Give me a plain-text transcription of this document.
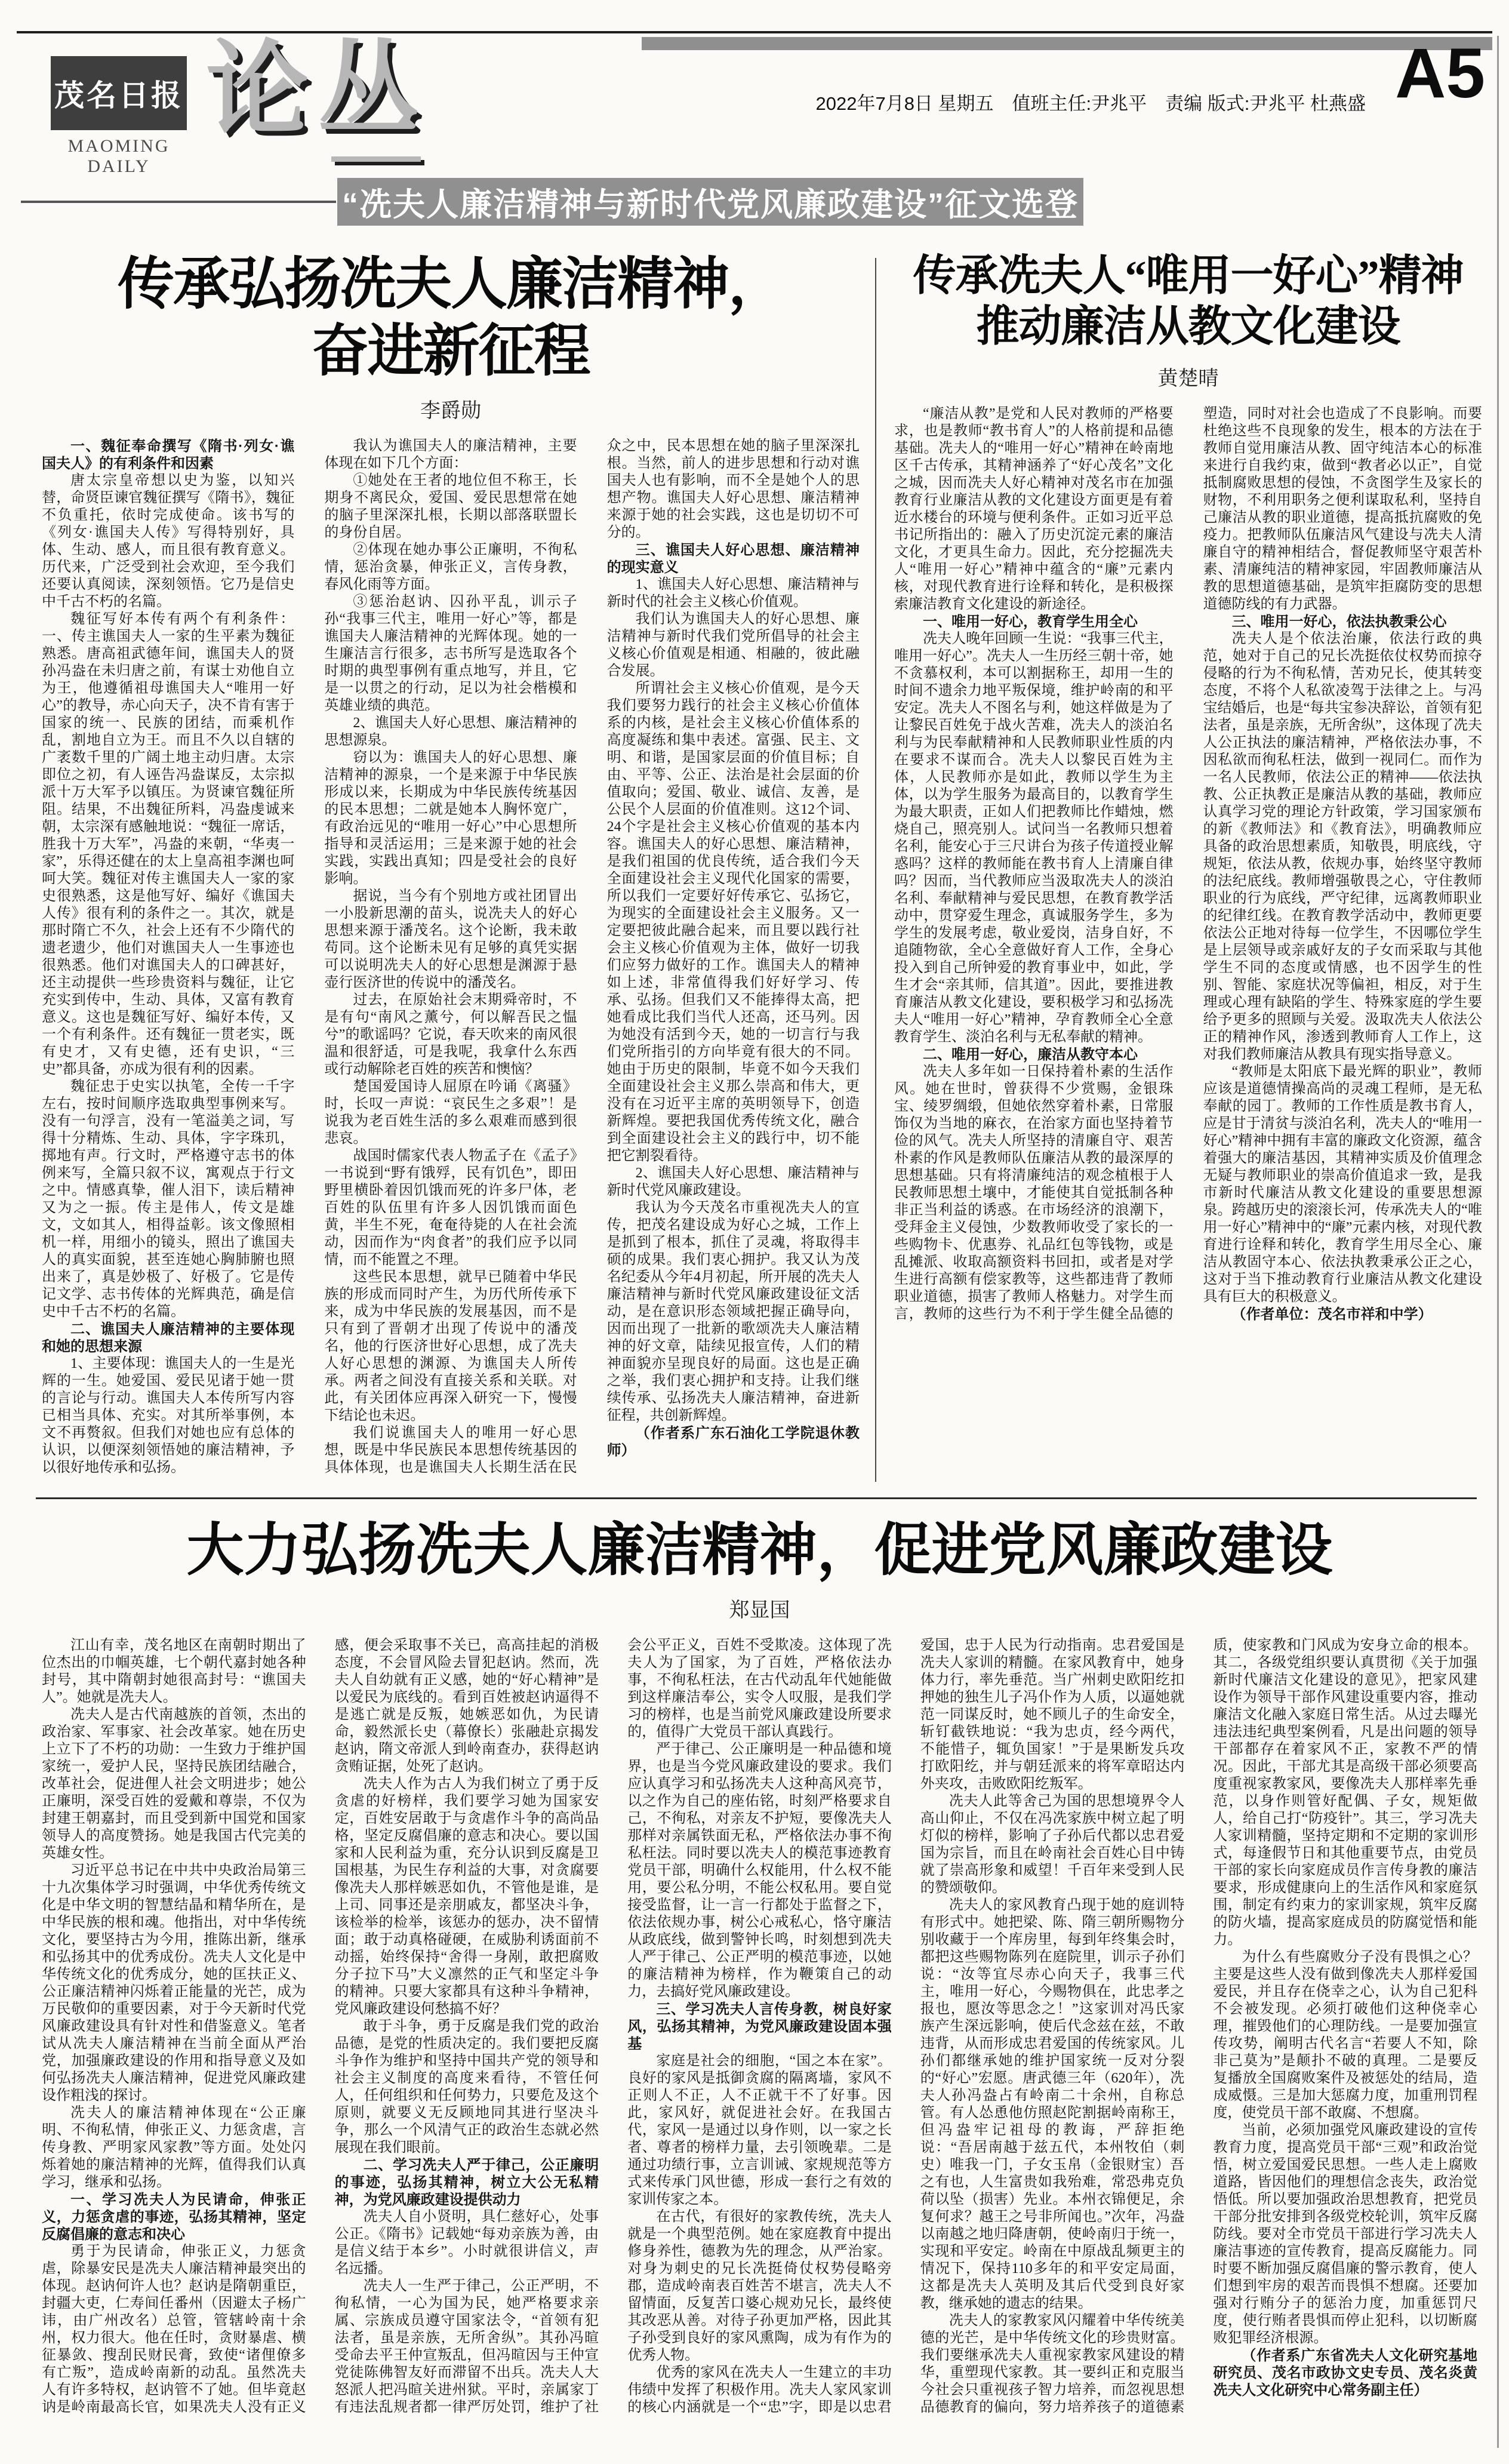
茂名日报
MAOMING DAILY
论丛	2022年7月8日 星期五　值班主任:尹兆平　责编 版式:尹兆平 杜燕盛 A5
“冼夫人廉洁精神与新时代党风廉政建设”征文选登
传承弘扬冼夫人廉洁精神，
奋进新征程
李爵勋

一、魏征奉命撰写《隋书·列女·谯国夫人》的有利条件和因素

唐太宗皇帝想以史为鉴，以知兴替，命贤臣谏官魏征撰写《隋书》，魏征不负重托，依时完成使命。该书写的《列女·谯国夫人传》写得特别好，具体、生动、感人，而且很有教育意义。历代来，广泛受到社会欢迎，至今我们还要认真阅读，深刻领悟。它乃是信史中千古不朽的名篇。

魏征写好本传有两个有利条件：一、传主谯国夫人一家的生平素为魏征熟悉。唐高祖武德年间，谯国夫人的贤孙冯盎在未归唐之前，有谋士劝他自立为王，他遵循祖母谯国夫人“唯用一好心”的教导，赤心向天子，决不肯有害于国家的统一、民族的团结，而乘机作乱，割地自立为王。而且不久以自辖的广袤数千里的广阔土地主动归唐。太宗即位之初，有人诬告冯盎谋反，太宗拟派十万大军予以镇压。为贤谏官魏征所阻。结果，不出魏征所料，冯盎虔诚来朝，太宗深有感触地说：“魏征一席话，胜我十万大军”，冯盎的来朝，“华夷一家”，乐得还健在的太上皇高祖李渊也呵呵大笑。魏征对传主谯国夫人一家的家史很熟悉，这是他写好、编好《谯国夫人传》很有利的条件之一。其次，就是那时隋亡不久，社会上还有不少隋代的遗老遗少，他们对谯国夫人一生事迹也很熟悉。他们对谯国夫人的口碑甚好，还主动提供一些珍贵资料与魏征，让它充实到传中，生动、具体，又富有教育意义。这也是魏征写好、编好本传，又一个有利条件。还有魏征一贯老实，既有史才，又有史德，还有史识，“三史”都具备，亦成为很有利的因素。

魏征忠于史实以执笔，全传一千字左右，按时间顺序选取典型事例来写。没有一句浮言，没有一笔溢美之词，写得十分精炼、生动、具体，字字珠玑，掷地有声。行文时，严格遵守志书的体例来写，全篇只叙不议，寓观点于行文之中。情感真挚，催人泪下，读后精神又为之一振。传主是伟人，传文是雄文，文如其人，相得益彰。该文像照相机一样，用细小的镜头，照出了谯国夫人的真实面貌，甚至连她心胸肺腑也照出来了，真是妙极了、好极了。它是传记文学、志书传体的光辉典范，确是信史中千古不朽的名篇。

二、谯国夫人廉洁精神的主要体现和她的思想来源

1、主要体现：谯国夫人的一生是光辉的一生。她爱国、爱民见诸于她一贯的言论与行动。谯国夫人本传所写内容已相当具体、充实。对其所举事例，本文不再赘叙。但我们对她也应有总体的认识，以便深刻领悟她的廉洁精神，予以很好地传承和弘扬。

我认为谯国夫人的廉洁精神，主要体现在如下几个方面：

①她处在王者的地位但不称王，长期身不离民众，爱国、爱民思想常在她的脑子里深深扎根，长期以部落联盟长的身份自居。

②体现在她办事公正廉明，不徇私情，惩治贪暴，伸张正义，言传身教，春风化雨等方面。

③惩治赵讷、囚孙平乱，训示子孙“我事三代主，唯用一好心”等，都是谯国夫人廉洁精神的光辉体现。她的一生廉洁言行很多，志书所写是选取各个时期的典型事例有重点地写，并且，它是一以贯之的行动，足以为社会楷模和英雄业绩的典范。

2、谯国夫人好心思想、廉洁精神的思想源泉。

窃以为：谯国夫人的好心思想、廉洁精神的源泉，一个是来源于中华民族形成以来，长期成为中华民族传统基因的民本思想；二就是她本人胸怀宽广，有政治远见的“唯用一好心”中心思想所指导和灵活运用；三是来源于她的社会实践，实践出真知；四是受社会的良好影响。

据说，当今有个别地方或社团冒出一小股新思潮的苗头，说冼夫人的好心思想来源于潘茂名。这个论断，我未敢苟同。这个论断未见有足够的真凭实据可以说明冼夫人的好心思想是渊源于悬壶行医济世的传说中的潘茂名。

过去，在原始社会末期舜帝时，不是有句“南风之薰兮，何以解吾民之愠兮”的歌谣吗？它说，春天吹来的南风很温和很舒适，可是我呢，我拿什么东西或行动解除老百姓的疾苦和懊恼？

楚国爱国诗人屈原在吟诵《离骚》时，长叹一声说：“哀民生之多艰”！是说我为老百姓生活的多么艰难而感到很悲哀。

战国时儒家代表人物孟子在《孟子》一书说到“野有饿殍，民有饥色”，即田野里横卧着因饥饿而死的许多尸体，老百姓的队伍里有许多人因饥饿而面色黄，半生不死，奄奄待毙的人在社会流动，因而作为“肉食者”的我们应予以同情，而不能置之不理。

这些民本思想，就早已随着中华民族的形成而同时产生，为历代所传承下来，成为中华民族的发展基因，而不是只有到了晋朝才出现了传说中的潘茂名，他的行医济世好心思想，成了冼夫人好心思想的渊源、为谯国夫人所传承。两者之间没有直接关系和关联。对此，有关团体应再深入研究一下，慢慢下结论也未迟。

我们说谯国夫人的唯用一好心思想，既是中华民族民本思想传统基因的具体体现，也是谯国夫人长期生活在民众之中，民本思想在她的脑子里深深扎根。当然，前人的进步思想和行动对谯国夫人也有影响，而不全是她个人的思想产物。谯国夫人好心思想、廉洁精神来源于她的社会实践，这也是切切不可分的。

三、谯国夫人好心思想、廉洁精神的现实意义

1、谯国夫人好心思想、廉洁精神与新时代的社会主义核心价值观。

我们认为谯国夫人的好心思想、廉洁精神与新时代我们党所倡导的社会主义核心价值观是相通、相融的，彼此融合发展。

所谓社会主义核心价值观，是今天我们要努力践行的社会主义核心价值体系的内核，是社会主义核心价值体系的高度凝练和集中表述。富强、民主、文明、和谐，是国家层面的价值目标；自由、平等、公正、法治是社会层面的价值取向；爱国、敬业、诚信、友善，是公民个人层面的价值准则。这12个词、24个字是社会主义核心价值观的基本内容。谯国夫人的好心思想、廉洁精神，是我们祖国的优良传统，适合我们今天全面建设社会主义现代化国家的需要，所以我们一定要好好传承它、弘扬它，为现实的全面建设社会主义服务。又一定要把彼此融合起来，而且要以践行社会主义核心价值观为主体，做好一切我们应努力做好的工作。谯国夫人的精神如上述，非常值得我们好好学习、传承、弘扬。但我们又不能捧得太高，把她看成比我们当代人还高，还马列。因为她没有活到今天，她的一切言行与我们党所指引的方向毕竟有很大的不同。她由于历史的限制，毕竟不如今天我们全面建设社会主义那么崇高和伟大，更没有在习近平主席的英明领导下，创造新辉煌。要把我国优秀传统文化，融合到全面建设社会主义的践行中，切不能把它割裂看待。

2、谯国夫人好心思想、廉洁精神与新时代党风廉政建设。

我认为今天茂名市重视冼夫人的宣传，把茂名建设成为好心之城，工作上是抓到了根本，抓住了灵魂，将取得丰硕的成果。我们衷心拥护。我又认为茂名纪委从今年4月初起，所开展的冼夫人廉洁精神与新时代党风廉政建设征文活动，是在意识形态领域把握正确导向，因而出现了一批新的歌颂冼夫人廉洁精神的好文章，陆续见报宣传，人们的精神面貌亦呈现良好的局面。这也是正确之举，我们衷心拥护和支持。让我们继续传承、弘扬冼夫人廉洁精神，奋进新征程，共创新辉煌。

（作者系广东石油化工学院退休教师）

传承冼夫人“唯用一好心”精神
推动廉洁从教文化建设
黄楚晴

“廉洁从教”是党和人民对教师的严格要求，也是教师“教书育人”的人格前提和品德基础。冼夫人的“唯用一好心”精神在岭南地区千古传承，其精神涵养了“好心茂名”文化之城，因而冼夫人好心精神对茂名市在加强教育行业廉洁从教的文化建设方面更是有着近水楼台的环境与便利条件。正如习近平总书记所指出的：融入了历史沉淀元素的廉洁文化，才更具生命力。因此，充分挖掘冼夫人“唯用一好心”精神中蕴含的“廉”元素内核，对现代教育进行诠释和转化，是积极探索廉洁教育文化建设的新途径。

一、唯用一好心，教育学生用全心

冼夫人晚年回顾一生说：“我事三代主，唯用一好心”。冼夫人一生历经三朝十帝，她不贪慕权利，本可以割据称王，却用一生的时间不遗余力地平叛保境，维护岭南的和平安定。冼夫人不图名与利，她这样做是为了让黎民百姓免于战火苦难，冼夫人的淡泊名利与为民奉献精神和人民教师职业性质的内在要求不谋而合。冼夫人以黎民百姓为主体，人民教师亦是如此，教师以学生为主体，以为学生服务为最高目的，以教育学生为最大职责，正如人们把教师比作蜡烛，燃烧自己，照亮别人。试问当一名教师只想着名利，能安心于三尺讲台为孩子传道授业解惑吗？这样的教师能在教书育人上清廉自律吗？因而，当代教师应当汲取冼夫人的淡泊名利、奉献精神与爱民思想，在教育教学活动中，贯穿爱生理念，真诚服务学生，多为学生的发展考虑，敬业爱岗，洁身自好，不追随物欲，全心全意做好育人工作，全身心投入到自己所钟爱的教育事业中，如此，学生才会“亲其师，信其道”。因此，要推进教育廉洁从教文化建设，要积极学习和弘扬冼夫人“唯用一好心”精神，孕育教师全心全意教育学生、淡泊名利与无私奉献的精神。

二、唯用一好心，廉洁从教守本心

冼夫人多年如一日保持着朴素的生活作风。她在世时，曾获得不少赏赐，金银珠宝、绫罗绸缎，但她依然穿着朴素，日常服饰仅为当地的麻衣，在治家方面也坚持着节俭的风气。冼夫人所坚持的清廉自守、艰苦朴素的作风是教师队伍廉洁从教的最深厚的思想基础。只有将清廉纯洁的观念植根于人民教师思想土壤中，才能使其自觉抵制各种非正当利益的诱惑。在市场经济的浪潮下，受拜金主义侵蚀，少数教师收受了家长的一些购物卡、优惠券、礼品红包等钱物，或是乱摊派、收取高额资料书回扣，或者是对学生进行高额有偿家教等，这些都违背了教师职业道德，损害了教师人格魅力。对学生而言，教师的这些行为不利于学生健全品德的塑造，同时对社会也造成了不良影响。而要杜绝这些不良现象的发生，根本的方法在于教师自觉用廉洁从教、固守纯洁本心的标准来进行自我约束，做到“教者必以正”，自觉抵制腐败思想的侵蚀，不贪图学生及家长的财物，不利用职务之便利谋取私利，坚持自己廉洁从教的职业道德，提高抵抗腐败的免疫力。把教师队伍廉洁风气建设与冼夫人清廉自守的精神相结合，督促教师坚守艰苦朴素、清廉纯洁的精神家园，牢固教师廉洁从教的思想道德基础，是筑牢拒腐防变的思想道德防线的有力武器。

三、唯用一好心，依法执教秉公心

冼夫人是个依法治廉，依法行政的典范，她对于自己的兄长冼挺依仗权势而掠夺侵略的行为不徇私情，苦劝兄长，使其转变态度，不将个人私欲凌驾于法律之上。与冯宝结婚后，也是“每共宝参决辞讼，首领有犯法者，虽是亲族，无所舍纵”，这体现了冼夫人公正执法的廉洁精神，严格依法办事，不因私欲而徇私枉法，做到一视同仁。而作为一名人民教师，依法公正的精神——依法执教、公正执教正是廉洁从教的基础，教师应认真学习党的理论方针政策，学习国家颁布的新《教师法》和《教育法》，明确教师应具备的政治思想素质，知敬畏，明底线，守规矩，依法从教，依规办事，始终坚守教师的法纪底线。教师增强敬畏之心，守住教师职业的行为底线，严守纪律，远离教师职业的纪律红线。在教育教学活动中，教师更要依法公正地对待每一位学生，不因哪位学生是上层领导或亲戚好友的子女而采取与其他学生不同的态度或情感，也不因学生的性别、智能、家庭状况等偏袒，相反，对于生理或心理有缺陷的学生、特殊家庭的学生要给予更多的照顾与关爱。汲取冼夫人依法公正的精神作风，渗透到教师育人工作上，这对我们教师廉洁从教具有现实指导意义。

“教师是太阳底下最光辉的职业”，教师应该是道德情操高尚的灵魂工程师，是无私奉献的园丁。教师的工作性质是教书育人，应是甘于清贫与淡泊名利，冼夫人的“唯用一好心”精神中拥有丰富的廉政文化资源，蕴含着强大的廉洁基因，其精神实质及价值理念无疑与教师职业的崇高价值追求一致，是我市新时代廉洁从教文化建设的重要思想源泉。跨越历史的滚滚长河，传承冼夫人的“唯用一好心”精神中的“廉”元素内核，对现代教育进行诠释和转化，教育学生用尽全心、廉洁从教固守本心、依法执教秉承公正之心，这对于当下推动教育行业廉洁从教文化建设具有巨大的积极意义。

（作者单位：茂名市祥和中学）

大力弘扬冼夫人廉洁精神，促进党风廉政建设
郑显国

江山有幸，茂名地区在南朝时期出了位杰出的巾帼英雄，七个朝代嘉封她各种封号，其中隋朝封她很高封号：“谯国夫人”。她就是冼夫人。

冼夫人是古代南越族的首领，杰出的政治家、军事家、社会改革家。她在历史上立下了不朽的功勋：一生致力于维护国家统一，爱护人民，坚持民族团结融合，改革社会，促进俚人社会文明进步；她公正廉明，深受百姓的爱戴和尊崇，不仅为封建王朝嘉封，而且受到新中国党和国家领导人的高度赞扬。她是我国古代完美的英雄女性。

习近平总书记在中共中央政治局第三十九次集体学习时强调，中华优秀传统文化是中华文明的智慧结晶和精华所在，是中华民族的根和魂。他指出，对中华传统文化，要坚持古为今用，推陈出新，继承和弘扬其中的优秀成份。冼夫人文化是中华传统文化的优秀成分，她的匡扶正义、公正廉洁精神闪烁着正能量的光芒，成为万民敬仰的重要因素，对于今天新时代党风廉政建设具有针对性和借鉴意义。笔者试从冼夫人廉洁精神在当前全面从严治党，加强廉政建设的作用和指导意义及如何弘扬冼夫人廉洁精神，促进党风廉政建设作粗浅的探讨。

冼夫人的廉洁精神体现在“公正廉明、不徇私情，伸张正义、力惩贪虐，言传身教、严明家风家教”等方面。处处闪烁着她的廉洁精神的光辉，值得我们认真学习，继承和弘扬。

一、学习冼夫人为民请命，伸张正义，力惩贪虐的事迹，弘扬其精神，坚定反腐倡廉的意志和决心

勇于为民请命，伸张正义，力惩贪虐，除暴安民是冼夫人廉洁精神最突出的体现。赵讷何许人也？赵讷是隋朝重臣，封疆大吏，仁寿间任番州（因避太子杨广讳，由广州改名）总管，管辖岭南十余州，权力很大。他在任时，贪财暴虐、横征暴敛、搜刮民财民膏，致使“诸俚僚多有亡叛”，造成岭南新的动乱。虽然冼夫人有许多特权，赵讷管不了她。但毕竟赵讷是岭南最高长官，如果冼夫人没有正义感，便会采取事不关已，高高挂起的消极态度，不会冒风险去冒犯赵讷。然而，冼夫人自幼就有正义感，她的“好心精神”是以爱民为底线的。看到百姓被赵讷逼得不是逃亡就是反叛，她嫉恶如仇，为民请命，毅然派长史（幕僚长）张融赴京揭发赵讷，隋文帝派人到岭南查办，获得赵讷贪贿证据，处死了赵讷。

冼夫人作为古人为我们树立了勇于反贪虐的好榜样，我们要学习她为国家安定，百姓安居敢于与贪虐作斗争的高尚品格，坚定反腐倡廉的意志和决心。要以国家和人民利益为重，充分认识到反腐是卫国根基，为民生存利益的大事，对贪腐要像冼夫人那样嫉恶如仇，不管他是谁，是上司、同事还是亲朋戚友，都坚决斗争，该检举的检举，该惩办的惩办，决不留情面；敢于动真格碰硬，在威胁利诱面前不动摇，始终保持“舍得一身剐，敢把腐败分子拉下马”大义凛然的正气和坚定斗争的精神。只要大家都具有这种斗争精神，党风廉政建设何愁搞不好？

敢于斗争，勇于反腐是我们党的政治品德，是党的性质决定的。我们要把反腐斗争作为维护和坚持中国共产党的领导和社会主义制度的高度来看待，不管任何人，任何组织和任何势力，只要危及这个原则，就要义无反顾地同其进行坚决斗争，那么一个风清气正的政治生态就必然展现在我们眼前。

二、学习冼夫人严于律己，公正廉明的事迹，弘扬其精神，树立大公无私精神，为党风廉政建设提供动力

冼夫人自小贤明，具仁慈好心，处事公正。《隋书》记载她“每劝亲族为善，由是信义结于本乡”。小时就很讲信义，声名远播。

冼夫人一生严于律己，公正严明，不徇私情，一心为国为民，她严格要求亲属、宗族成员遵守国家法令，“首领有犯法者，虽是亲族，无所舍纵”。其孙冯暄受命去平王仲宣叛乱，但冯暄因与王仲宣党徒陈佛智友好而滞留不出兵。冼夫人大怒派人把冯暄关进州狱。平时，亲属家丁有违法乱规者都一律严厉处罚，维护了社会公平正义，百姓不受欺凌。这体现了冼夫人为了国家，为了百姓，严格依法办事，不徇私枉法，在古代动乱年代她能做到这样廉洁奉公，实令人叹服，是我们学习的榜样，也是当前党风廉政建设所要求的，值得广大党员干部认真践行。

严于律己、公正廉明是一种品德和境界，也是当今党风廉政建设的要求。我们应认真学习和弘扬冼夫人这种高风亮节，以之作为自己的座佑铭，时刻严格要求自己，不徇私，对亲友不护短，要像冼夫人那样对亲属铁面无私，严格依法办事不徇私枉法。同时要以冼夫人的模范事迹教育党员干部，明确什么权能用，什么权不能用，要公私分明，不能公权私用。要自觉接受监督，让一言一行都处于监督之下，依法依规办事，树公心戒私心，恪守廉洁从政底线，做到警钟长鸣，时刻想到冼夫人严于律己、公正严明的模范事迹，以她的廉洁精神为榜样，作为鞭策自己的动力，去搞好党风廉政建设。

三、学习冼夫人言传身教，树良好家风，弘扬其精神，为党风廉政建设固本强基

家庭是社会的细胞，“国之本在家”。良好的家风是抵御贪腐的隔离墙，家风不正则人不正，人不正就干不了好事。因此，家风好，就促进社会好。在我国古代，家风一是通过以身作则，以一家之长者、尊者的榜样力量，去引领晚辈。二是通过功绩行事，立言训诫、家规规范等方式来传承门风世德，形成一套行之有效的家训传家之本。

在古代，有很好的家教传统，冼夫人就是一个典型范例。她在家庭教育中提出修身养性，德教为先的理念，从严治家。对身为刺史的兄长冼挺倚仗权势侵略旁郡，造成岭南表百姓苦不堪言，冼夫人不留情面，反复苦口婆心规劝兄长，最终使其改恶从善。对待子孙更加严格，因此其子孙受到良好的家风熏陶，成为有作为的优秀人物。

优秀的家风在冼夫人一生建立的丰功伟绩中发挥了积极作用。冼夫人家风家训的核心内涵就是一个“忠”字，即是以忠君爱国，忠于人民为行动指南。忠君爱国是冼夫人家训的精髓。在家风教育中，她身体力行，率先垂范。当广州刺史欧阳纥扣押她的独生儿子冯仆作为人质，以逼她就范一同谋反时，她不顾儿子的生命安全，斩钉截铁地说：“我为忠贞，经今两代，不能惜子，辄负国家！”于是果断发兵攻打欧阳纥，并与朝廷派来的将军章昭达内外夹攻，击败欧阳纥叛军。

冼夫人此等舍己为国的思想境界令人高山仰止，不仅在冯冼家族中树立起了明灯似的榜样，影响了子孙后代都以忠君爱国为宗旨，而且在岭南社会百姓心目中铸就了崇高形象和威望！千百年来受到人民的赞颂敬仰。

冼夫人的家风教育凸现于她的庭训特有形式中。她把梁、陈、隋三朝所赐物分别收藏于一个库房里，每到年终集会时，都把这些赐物陈列在庭院里，训示子孙们说：“汝等宜尽赤心向天子，我事三代主，唯用一好心，今赐物俱在，此忠孝之报也，愿汝等思念之！”这家训对冯氏家族产生深远影响，使后代念兹在兹，不敢违背，从而形成忠君爱国的传统家风。儿孙们都继承她的维护国家统一反对分裂的“好心”宏愿。唐武德三年（620年），冼夫人孙冯盎占有岭南二十余州，自称总管。有人怂恿他仿照赵陀割据岭南称王，但冯盎牢记祖母的教诲，严辞拒绝说：“吾居南越于兹五代，本州牧伯（刺史）唯我一门，子女玉帛（金银财宝）吾之有也，人生富贵如我殆难，常恐弗克负荷以坠（损害）先业。本州衣锦便足，余复何求？越王之号非所闻也。”次年，冯盎以南越之地归降唐朝，使岭南归于统一，实现和平安定。岭南在中原战乱频更主的情况下，保持110多年的和平安定局面，这都是冼夫人英明及其后代受到良好家教，继承她的遗志的结果。

冼夫人的家教家风闪耀着中华传统美德的光芒，是中华传统文化的珍贵财富。我们要继承冼夫人重视家教家风建设的精华，重塑现代家教。其一要纠正和克服当今社会只重视孩子智力培养，而忽视思想品德教育的偏向，努力培养孩子的道德素质，使家教和门风成为安身立命的根本。其二，各级党组织要认真贯彻《关于加强新时代廉洁文化建设的意见》，把家风建设作为领导干部作风建设重要内容，推动廉洁文化融入家庭日常生活。从过去曝光违法违纪典型案例看，凡是出问题的领导干部都存在着家风不正，家教不严的情况。因此，干部尤其是高级干部必须要高度重视家教家风，要像冼夫人那样率先垂范，以身作则管好配偶、子女，规矩做人，给自己打“防疫针”。其三，学习冼夫人家训精髓，坚持定期和不定期的家训形式，每逢假节日和其他重要节点，由党员干部的家长向家庭成员作言传身教的廉洁要求，形成健康向上的生活作风和家庭氛围，制定有约束力的家训家规，筑牢反腐的防火墙，提高家庭成员的防腐觉悟和能力。

为什么有些腐败分子没有畏惧之心？主要是这些人没有做到像冼夫人那样爱国爱民，并且存在侥幸之心，认为自己犯科不会被发现。必须打破他们这种侥幸心理，摧毁他们的心理防线。一是要加强宣传攻势，阐明古代名言“若要人不知，除非己莫为”是颠扑不破的真理。二是要反复播放全国腐败案件及被惩处的结局，造成威慑。三是加大惩腐力度，加重刑罚程度，使党员干部不敢腐、不想腐。

当前，必须加强党风廉政建设的宣传教育力度，提高党员干部“三观”和政治觉悟，树立爱国爱民思想。一些人走上腐败道路，皆因他们的理想信念丧失，政治觉悟低。所以要加强政治思想教育，把党员干部分批安排到各级党校轮训，筑牢反腐防线。要对全市党员干部进行学习冼夫人廉洁事迹的宣传教育，提高反腐能力。同时要不断加强反腐倡廉的警示教育，使人们想到牢房的艰苦而畏惧不想腐。还要加强对行贿分子的惩治力度，加重惩罚尺度，使行贿者畏惧而停止犯科，以切断腐败犯罪经济根源。

（作者系广东省冼夫人文化研究基地研究员、茂名市政协文史专员、茂名炎黄冼夫人文化研究中心常务副主任）
